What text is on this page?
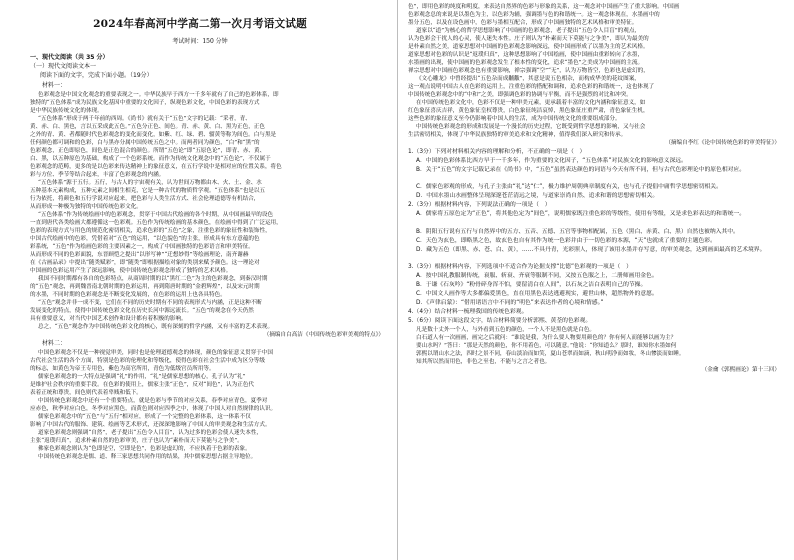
2024年春高河中学高二第一次月考语文试题
考试时间：150 分钟
一、现代文阅读（共 35 分）
（一）现代文阅读文本一
阅读下面的文字，完成下面小题。（19分）
材料一：
色彩观念是中国文化观念的重要表现之一。中华民族早于西方一千多年就有了自己的色彩体系，即
独特的“五色体系”成为民族文化基因中重要的文化因子，纵观色彩文化，中国色彩的表现方式
是中华民族传统文化的体现。
“五色体系”形成于两千年前的西周。《尚书》就有关于“五色”文字的记载：“采者，青、
黄、赤、白、黑也，言以五采成此五色。”五色分正色、间色。青、赤、黄、白、黑为正色，正色
之外的青、黄、者都随时代色彩观念的变化而变化，如紫、红、绿、碧、骝黄等称为间色。白与黑是
任何颜色都可调和的色彩，白与黑亦分属中国传统五色之中。而两者同为颜色，“白”和“黑”的
色彩观念，正色即原色，间色是正色混合的颜色。所谓“五色论”即“五原色论”，即青、赤、黄、
白、黑，以五种原色为基础，构成了一个色彩系统。而作为传统文化观念中的“五色论”，不仅属于
色彩观念的范畴，更多的是以色彩来传达精神上的象征意义，在五行学说中是相对应的位置关系，将色
彩与方位、季节等结合起来，丰富了色彩观念的内涵。
“五色体系”源于五行。五行，与古人的宇宙观有关，认为世间万物都由木、火、土、金、水
五种基本元素构成，五种元素之间相生相克，它是一种古代的物质哲学观。“五色体系”也是以五
行为依托，将颜色和五行学说对应起来，把色彩与人类生活方式、社会伦理道德等有机结合，
从而形成一种极为独特的中国传统色彩文化。
“五色体系”作为传统绘画中的色彩观念，贯穿于中国古代绘画的各个时期，从中国画最早的设色
一直到唐代各类绘画大都遵循这一色彩观。五色作为传统绘画的基本颜色，在绘画中得到了广泛运用，
色彩的表现方式与用色的规范化密切相关，追求色彩的“五色”之象，注重色彩的象征性和装饰性，
中国古代绘画中的色彩，凭借着对“五色”的运用，“以色貌色”的主张，形成具有东方意蕴的色
彩系统，“五色”作为绘画色彩的主要因素之一，构成了中国画独特的色彩语言和审美特征。
从而形成不同的色彩面貌，东晋顾恺之提出“以形写神”“迁想妙得”等绘画理论，南齐谢赫
在《古画品录》中提出“随类赋彩”，即“随类”即根据描绘对象的类别来赋予颜色。这一理论对
中国画的色彩运用产生了深远影响，使中国传统色彩观念形成了独特的艺术风格。
我国不同时期都有各自的色彩特点，从商周时期的以“黑红二色”为主的色彩观念，到秦汉时期
的“五色”观念，再到魏晋南北朝时期的色彩运用，再到隋唐时期的“金碧辉煌”，以及宋元时期
的水墨，不同时期的色彩观念是不断变化发展的，在色彩的运用上也各具特色。
“五色”观念并非一成不变，它们在不同的历史时期有不同的表现形式与内涵，正是这种不断
发展变化的特点，使得中国传统色彩文化在历史长河中源远流长。“五色”的观念在今天仍然
具有重要意义，对当代中国艺术创作和设计都有着积极的影响。
总之，“五色”观念作为中国传统色彩文化的核心，既有深刻的哲学内涵，又有丰富的艺术表现。
（摘编自白高洁《中国传统色彩审美观的特点》）
材料二：
中国色彩观念不仅是一种视觉审美，同时也是伦理道德观念的体现，颜色的象征意义贯穿于中国
古代社会生活的各个方面，特别是色彩的伦理化和等级化，使得色彩在社会生活中成为区分等级
的标志，如黄色为帝王专用色，紫色为高官所用，青色为低级官员所用等。
儒家色彩观念的一大特点是强调“礼”的作用，“礼”是儒家思想的核心，孔子认为“礼”
是维护社会秩序的重要手段。在色彩的使用上，儒家主张“正色”，反对“间色”，认为正色代
表着正统和尊贵，间色则代表着卑贱和低下。
中国传统色彩观念中还有一个重要特点，就是色彩与季节的对应关系，春季对应青色，夏季对
应赤色，秋季对应白色，冬季对应黑色，而黄色则对应四季之中，体现了中国人对自然规律的认识。
儒家色彩观念中的“五色”与“五行”相对应，形成了一个完整的色彩体系，这一体系不仅
影响了中国古代的服饰、建筑、绘画等艺术形式，还深深地影响了中国人的审美观念和生活方式。
道家色彩观念则强调“自然”，老子提出“五色令人目盲”，认为过多的色彩会使人迷失本性，
主张“返璞归真”，追求朴素自然的色彩审美，庄子也认为“素朴而天下莫能与之争美”。
佛家色彩观念则认为“色即是空，空即是色”，色彩是虚幻的，不应执着于色彩的表象。
中国传统色彩观念是儒、道、释三家思想共同作用的结果，其中儒家思想占据主导地位。
色”，即用色彩的纯度和明度，来表达自然界的色彩与形象的关系，这一观念对中国画产生了重大影响。中国画
色彩观念总的来说是以墨色为主，以色彩为辅，强调墨与色的和谐统一。这一观念体现在，水墨画中的
墨分五色，以及在设色画中，色彩与墨相互配合，形成了中国画独特的艺术风格和审美特征。
道家以“道”为核心的哲学思想影响了中国画的色彩观念，老子提出“五色令人目盲”的观点，
认为色彩会干扰人的心灵，使人迷失本性。庄子则认为“朴素而天下莫能与之争美”，即认为最美的
是朴素自然之美，道家思想对中国画的色彩观念影响深远，使中国画形成了以墨为主的艺术风格。
道家思想对色彩的认识是“返璞归真”，这种思想影响了中国绘画，使中国画由重彩转向了水墨，
水墨画的出现，使中国画的色彩观念发生了根本性的变化，追求“墨色”之美成为中国画的主流。
禅宗思想对中国画色彩观念也有重要影响，禅宗强调“空”“无”，认为万物皆空，色彩也是虚幻的，
《文心雕龙》中曾经提出“五色杂而成黼黻”，其意是说五色相杂，而构成华美的花纹图案，
这一观点说明中国古人在色彩的运用上，注重色彩的搭配和调和，追求色彩的和谐统一，这也体现了
中国传统色彩观念中的“中和”之美，即强调色彩的协调与平衡，而不是强烈的对比和冲突。
在中国传统色彩文化中，色彩不仅是一种审美元素，更承载着丰富的文化内涵和象征意义，如
红色象征喜庆吉祥，黄色象征皇权尊贵，白色象征纯洁哀悼，黑色象征庄重严肃，青色象征生机，
这些色彩的象征意义至今仍影响着中国人的生活，成为中国传统文化的重要组成部分。
中国传统色彩观念的形成和发展是一个漫长的历史过程，它既受到哲学思想的影响，又与社会
生活密切相关，体现了中华民族独特的审美追求和文化精神，值得我们深入研究和传承。
（摘编自李红《论中国传统色彩的审美特征》）
1.（3分）下列对材料相关内容的理解和分析，不正确的一项是（　）
A．中国的色彩体系比西方早于一千多年，作为重要的文化因子，“五色体系”对民族文化的影响意义深远。
B．关于“五色”的文字记载记录在《尚书》中，“五色”虽然表达颜色的词语与今天有所不同，但与古代色彩理论中的原色相对应。
C．儒家色彩观的形成，与孔子主张由“礼”达“仁”，极力维护周朝典章制度有关，也与孔子提倡中庸哲学思想密切相关。
D．中国水墨山水画整体呈现深邃苍茫清远之境，与道家崇尚自然、追求和谐的思想密切相关。
2.（3分）根据材料内容，下列说法正确的一项是（　）
A．儒家将五原色定为“正色”，将其他色定为“间色”，说明儒家既注重色彩的等级性，使用有等级，又是求色彩表达的和谐统一。
B．阴阳五行说有五行与自然界中的五方、五音、五德、五官等事物相配属，五色（黑白、赤黄、白、黑）自然也被纳入其中。
C．天色为玄色，即略黑之色，故玄色也自有其作为统一色彩并由于一切色彩的本源，“天”也就成了重要的主题色彩。
D．藏为五色（即黑、赤、苍、白、黄），……不具丹青，光彩照人，体现了该用水墨并存写意，的审美观念，达到画面最高的艺术境界。
3.（3分）根据材料内容，下列选项中不适合作为论据支撑“比德”色彩观的一项是（　）
A．按中国礼教服制传统，衰服、斩衰、齐衰等服制不同，又按五色服之上，二册师画用金色。
B．于谦《石灰吟》“粉骨碎身浑不怕，要留清白在人间”，以石灰之洁白表明自己的节操。
C．中国文人画作等大多都偏爱黑色，直在用黑色表达逃避现实，避世山林，超然物外的意愿。
D．《声律启蒙》：“借用诸语言中不同的“明色”来表达作者的心境和情感。”
4.（4分）结合材料一梳理我国的传统色彩观。
5.（6分）阅读下面这段文字，结合材料简要分析郭熙、黄荃的色彩观。
凡是数十丈外一个人，与外看到五色的颜色，一个人不是黑色就是白色。
白石道人有一次画画，画完之后就问：“谁说是我，为什么要人物要用颜色的？你有何人而能够以画为主？
要山水吗？”答曰：“那是天然的颜色，你不用着色，可以随意。”他说：“你知道么？那时，谁知你水墨如何
郭熙以谓山水之法，四时之景不同，春山淡冶而如笑，夏山苍翠而如滴，秋山明净而如妆，冬山惨淡而如睡。
知其所以然而用色，非色之至也，不能与之言之者也。
（金龠《郭熙画论》第十三回）
